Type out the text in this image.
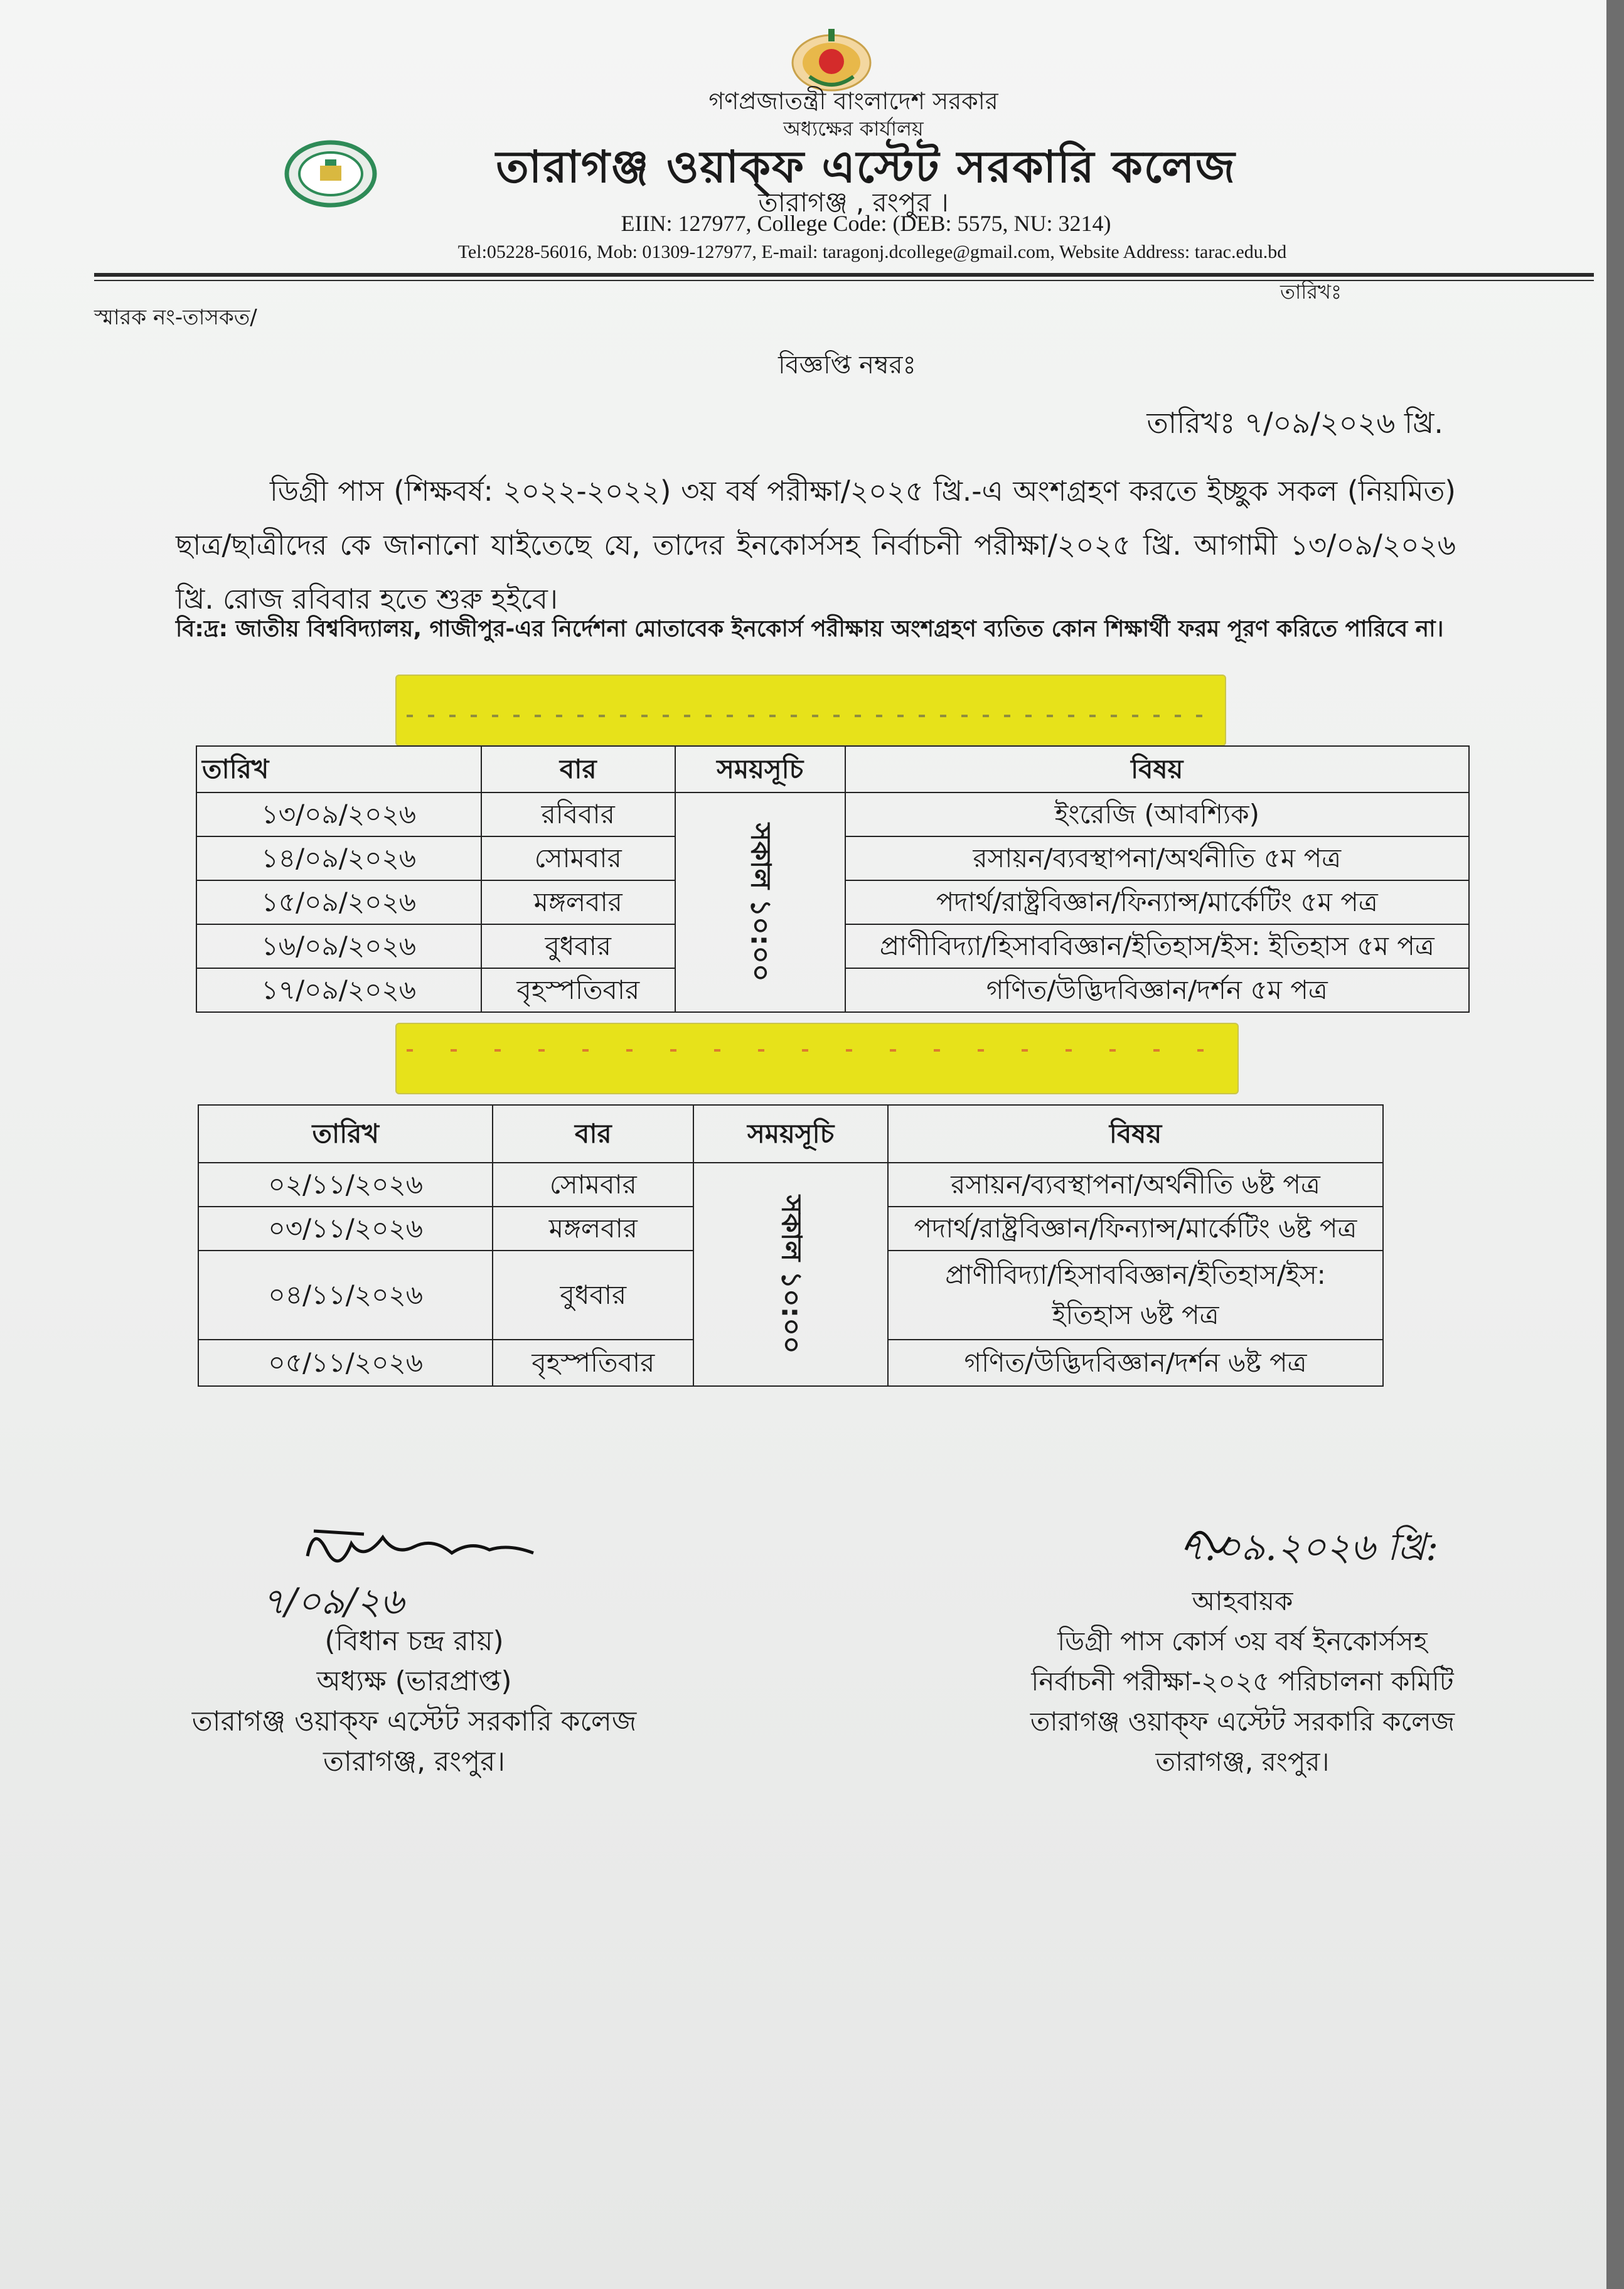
গণপ্রজাতন্ত্রী বাংলাদেশ সরকার
অধ্যক্ষের কার্যালয়
তারাগঞ্জ ওয়াক্‌ফ এস্টেট সরকারি কলেজ
তারাগঞ্জ , রংপুর ।
EIIN: 127977, College Code: (DEB: 5575, NU: 3214)
Tel:05228-56016, Mob: 01309-127977, E-mail: taragonj.dcollege@gmail.com, Website Address: tarac.edu.bd
স্মারক নং-তাসকত/
তারিখঃ
বিজ্ঞপ্তি নম্বরঃ
তারিখঃ ৭/০৯/২০২৬ খ্রি.
ডিগ্রী পাস (শিক্ষবর্ষ: ২০২২-২০২২) ৩য় বর্ষ পরীক্ষা/২০২৫ খ্রি.-এ অংশগ্রহণ করতে ইচ্ছুক সকল (নিয়মিত) ছাত্র/ছাত্রীদের কে জানানো যাইতেছে যে, তাদের ইনকোর্সসহ নির্বাচনী পরীক্ষা/২০২৫ খ্রি. আগামী ১৩/০৯/২০২৬ খ্রি. রোজ রবিবার হতে শুরু হইবে।
বি:দ্র: জাতীয় বিশ্ববিদ্যালয়, গাজীপুর-এর নির্দেশনা মোতাবেক ইনকোর্স পরীক্ষায় অংশগ্রহণ ব্যতিত কোন শিক্ষার্থী ফরম পূরণ করিতে পারিবে না।
তারিখ	বার	সময়সূচি	বিষয়
১৩/০৯/২০২৬	রবিবার	সকাল ১০:০০	ইংরেজি (আবশ্যিক)
১৪/০৯/২০২৬	সোমবার		রসায়ন/ব্যবস্থাপনা/অর্থনীতি ৫ম পত্র
১৫/০৯/২০২৬	মঙ্গলবার		পদার্থ/রাষ্ট্রবিজ্ঞান/ফিন্যান্স/মার্কেটিং ৫ম পত্র
১৬/০৯/২০২৬	বুধবার		প্রাণীবিদ্যা/হিসাববিজ্ঞান/ইতিহাস/ইস: ইতিহাস ৫ম পত্র
১৭/০৯/২০২৬	বৃহস্পতিবার		গণিত/উদ্ভিদবিজ্ঞান/দর্শন ৫ম পত্র
তারিখ	বার	সময়সূচি	বিষয়
০২/১১/২০২৬	সোমবার	সকাল ১০:০০	রসায়ন/ব্যবস্থাপনা/অর্থনীতি ৬ষ্ট পত্র
০৩/১১/২০২৬	মঙ্গলবার		পদার্থ/রাষ্ট্রবিজ্ঞান/ফিন্যান্স/মার্কেটিং ৬ষ্ট পত্র
০৪/১১/২০২৬	বুধবার		প্রাণীবিদ্যা/হিসাববিজ্ঞান/ইতিহাস/ইস: ইতিহাস ৬ষ্ট পত্র
০৫/১১/২০২৬	বৃহস্পতিবার		গণিত/উদ্ভিদবিজ্ঞান/দর্শন ৬ষ্ট পত্র
৭/০৯/২৬
(বিধান চন্দ্র রায়)
অধ্যক্ষ (ভারপ্রাপ্ত)
তারাগঞ্জ ওয়াক্‌ফ এস্টেট সরকারি কলেজ
তারাগঞ্জ, রংপুর।
৭.০৯.২০২৬ খ্রি:
আহবায়ক
ডিগ্রী পাস কোর্স ৩য় বর্ষ ইনকোর্সসহ
নির্বাচনী পরীক্ষা-২০২৫ পরিচালনা কমিটি
তারাগঞ্জ ওয়াক্‌ফ এস্টেট সরকারি কলেজ
তারাগঞ্জ, রংপুর।
